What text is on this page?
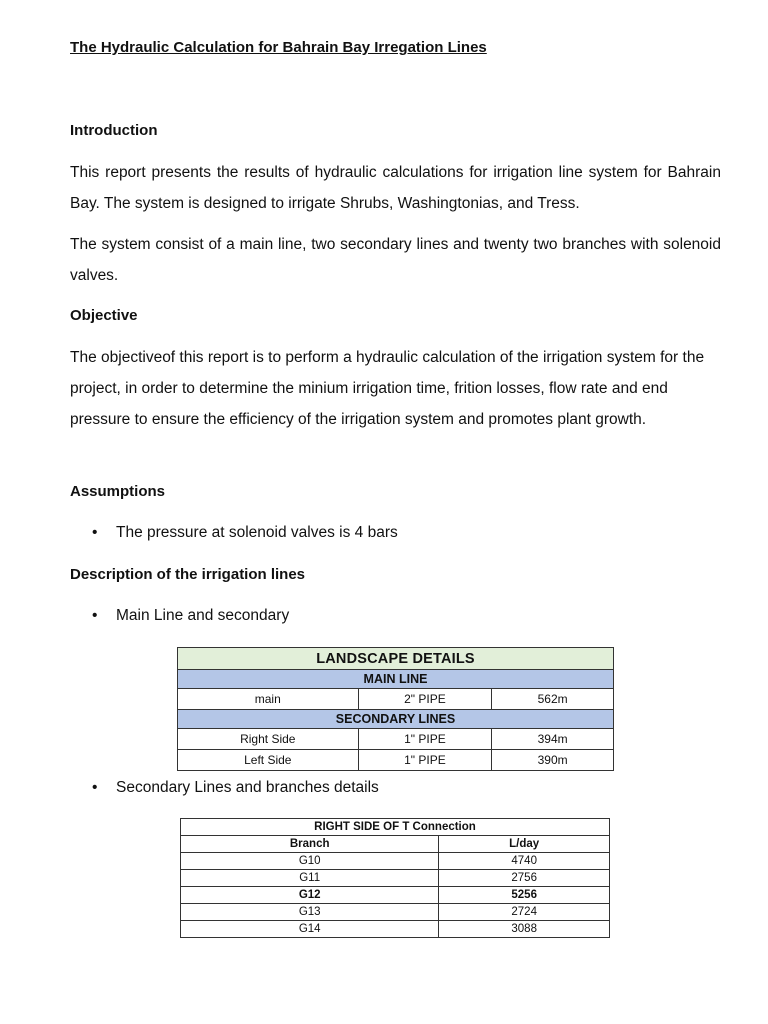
The Hydraulic Calculation for Bahrain Bay Irregation Lines
Introduction
This report presents the results of hydraulic calculations for irrigation line system for Bahrain Bay. The system is designed to irrigate Shrubs, Washingtonias, and Tress.
The system consist of a main line, two secondary lines and twenty two branches with solenoid valves.
Objective
The objectiveof this report is to perform a hydraulic calculation of the irrigation system for the project, in order to determine the minium irrigation time, frition losses, flow rate and end pressure to ensure the efficiency of the irrigation system and promotes plant growth.
Assumptions
• The pressure at solenoid valves is 4 bars
Description of the irrigation lines
• Main Line and secondary
LANDSCAPE DETAILS		
MAIN LINE		
main	2" PIPE	562m
SECONDARY LINES		
Right Side	1" PIPE	394m
Left Side	1" PIPE	390m
• Secondary Lines and branches details
RIGHT SIDE OF T Connection	
Branch	L/day
G10	4740
G11	2756
G12	5256
G13	2724
G14	3088
